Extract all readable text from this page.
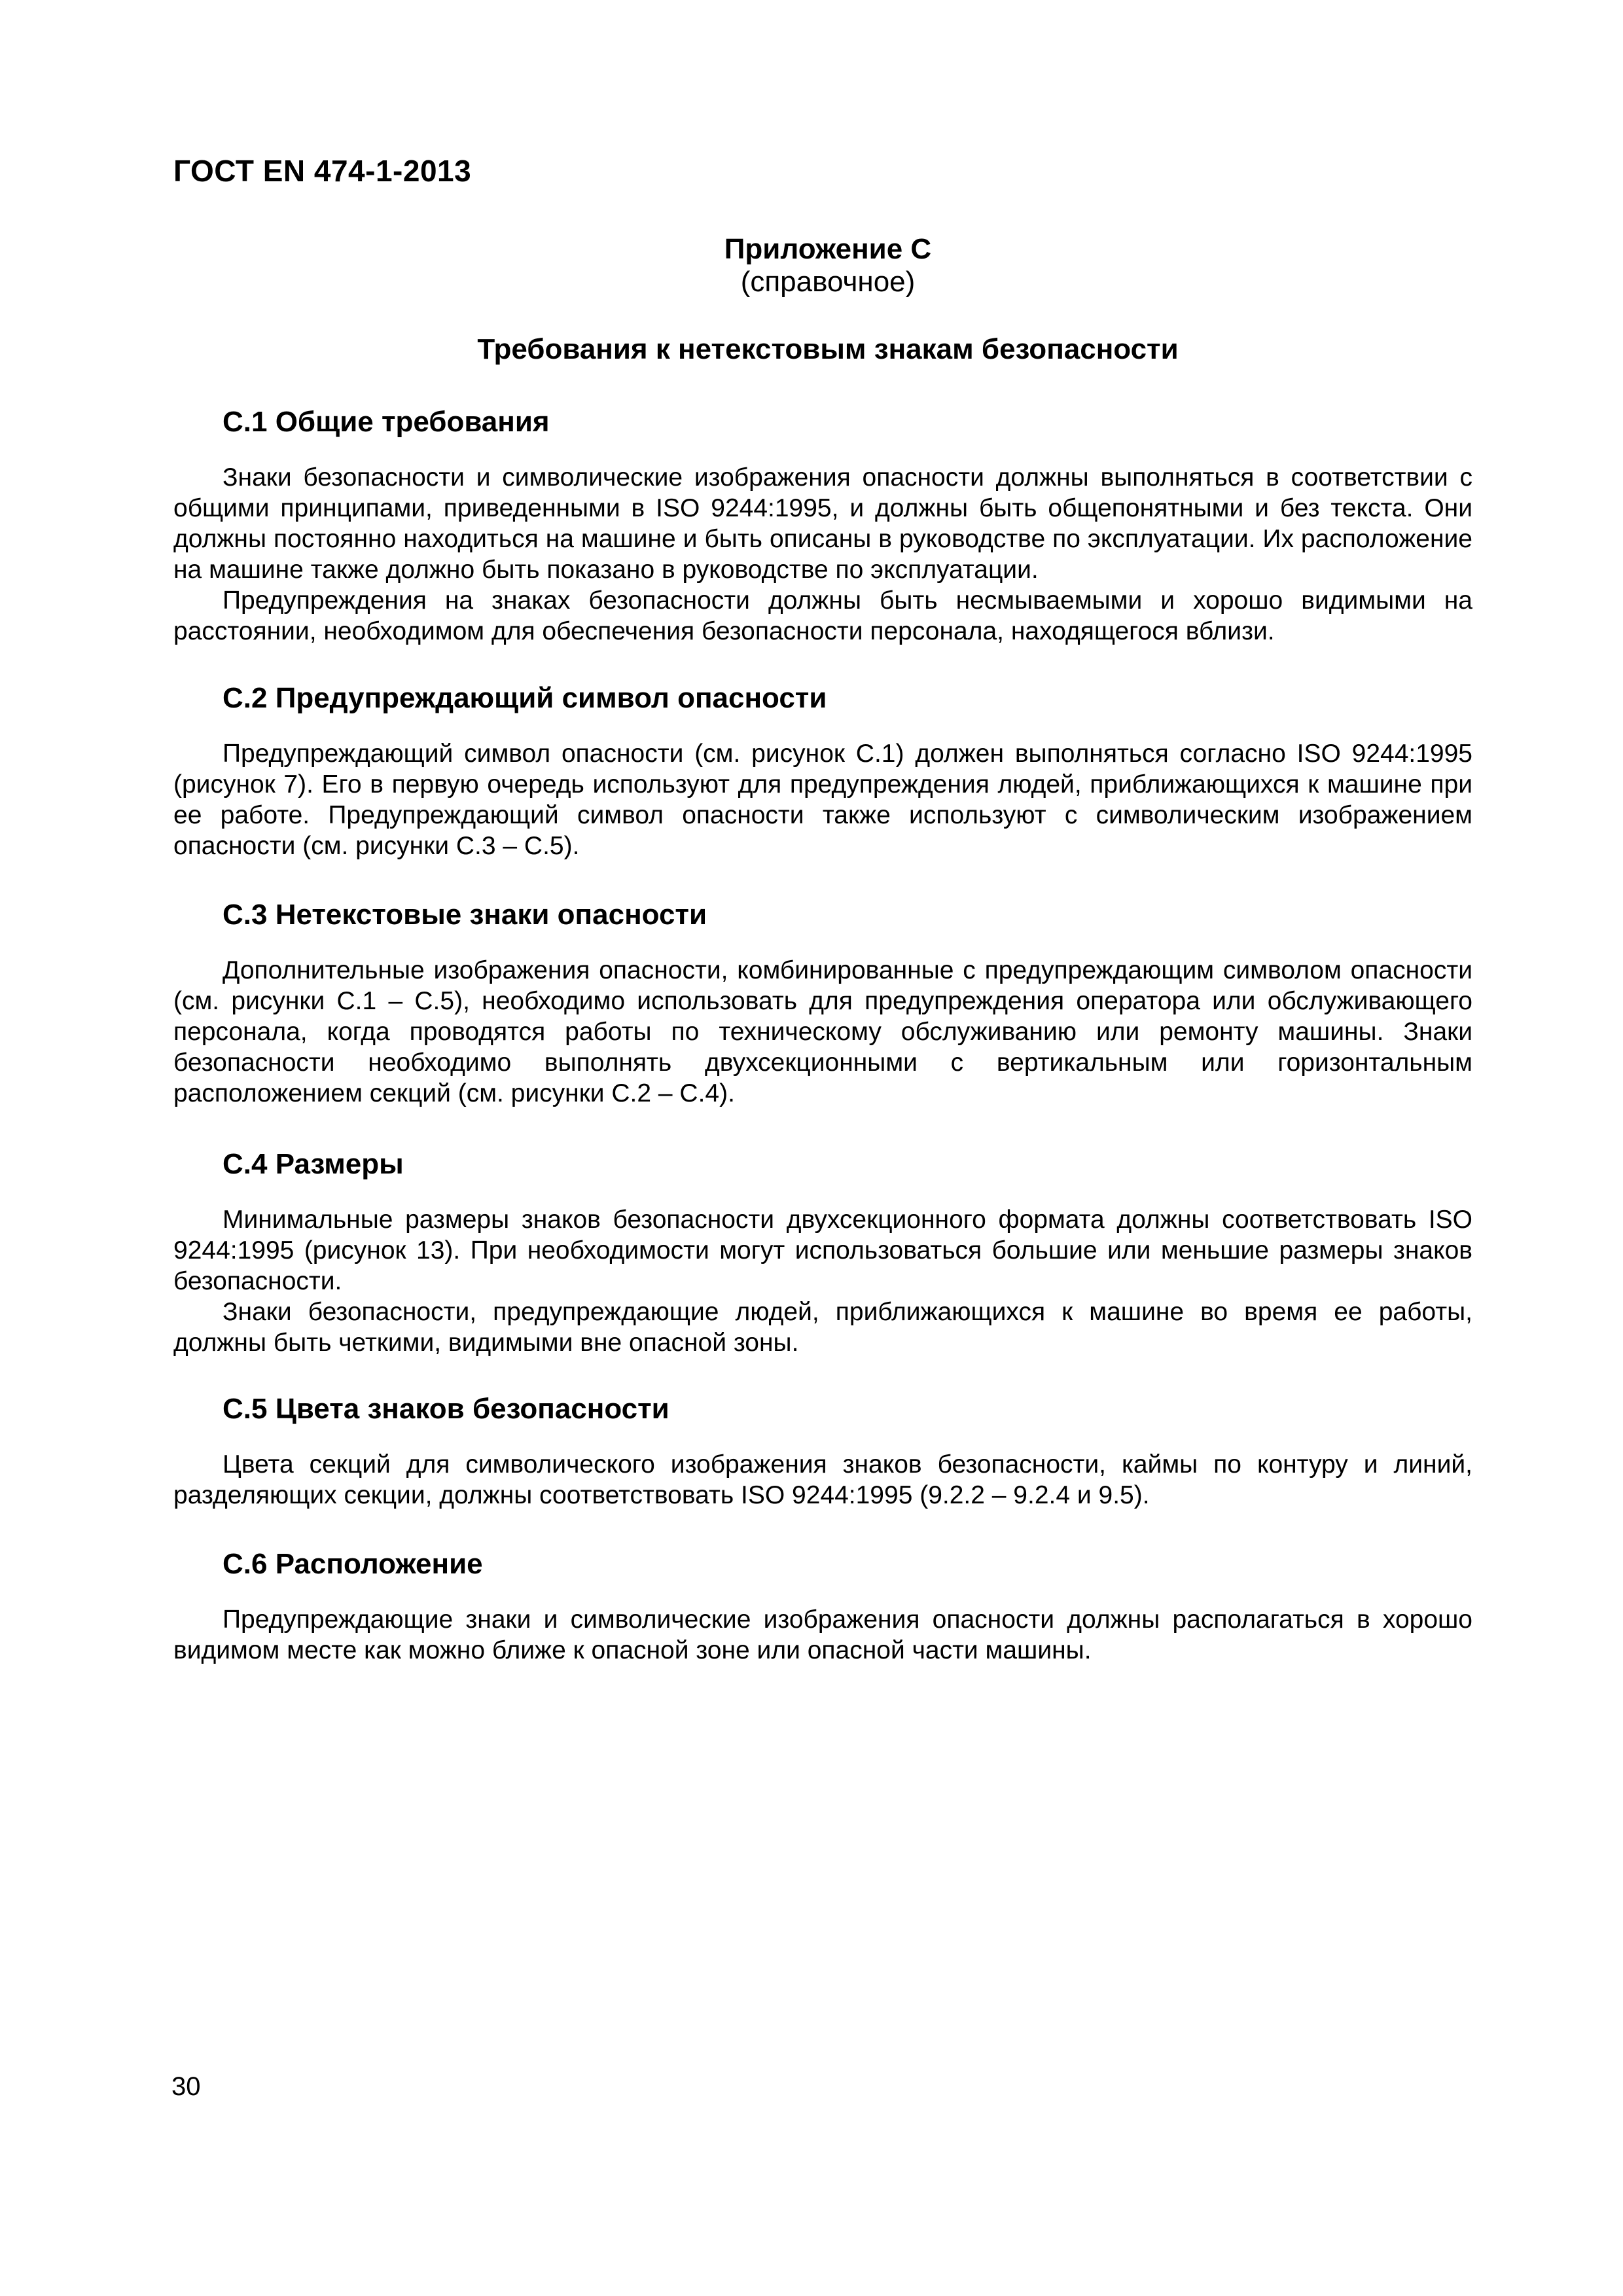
ГОСТ EN 474-1-2013
Приложение С
(справочное)
Требования к нетекстовым знакам безопасности
С.1 Общие требования

Знаки безопасности и символические изображения опасности должны выполняться в соответствии с общими принципами, приведенными в ISO 9244:1995, и должны быть общепонятными и без текста. Они должны постоянно находиться на машине и быть описаны в руководстве по эксплуатации. Их расположение на машине также должно быть показано в руководстве по эксплуатации.

Предупреждения на знаках безопасности должны быть несмываемыми и хорошо видимыми на расстоянии, необходимом для обеспечения безопасности персонала, находящегося вблизи.

С.2 Предупреждающий символ опасности

Предупреждающий символ опасности (см. рисунок С.1) должен выполняться согласно ISO 9244:1995 (рисунок 7). Его в первую очередь используют для предупреждения людей, приближающихся к машине при ее работе. Предупреждающий символ опасности также используют с символическим изображением опасности (см. рисунки С.3 – С.5).

С.3 Нетекстовые знаки опасности

Дополнительные изображения опасности, комбинированные с предупреждающим символом опасности (см. рисунки С.1 – С.5), необходимо использовать для предупреждения оператора или обслуживающего персонала, когда проводятся работы по техническому обслуживанию или ремонту машины. Знаки безопасности необходимо выполнять двухсекционными с вертикальным или горизонтальным расположением секций (см. рисунки С.2 – С.4).

С.4 Размеры

Минимальные размеры знаков безопасности двухсекционного формата должны соответствовать ISO 9244:1995 (рисунок 13). При необходимости могут использоваться большие или меньшие размеры знаков безопасности.

Знаки безопасности, предупреждающие людей, приближающихся к машине во время ее работы, должны быть четкими, видимыми вне опасной зоны.

С.5 Цвета знаков безопасности

Цвета секций для символического изображения знаков безопасности, каймы по контуру и линий, разделяющих секции, должны соответствовать ISO 9244:1995 (9.2.2 – 9.2.4 и 9.5).

С.6 Расположение

Предупреждающие знаки и символические изображения опасности должны располагаться в хорошо видимом месте как можно ближе к опасной зоне или опасной части машины.

30
